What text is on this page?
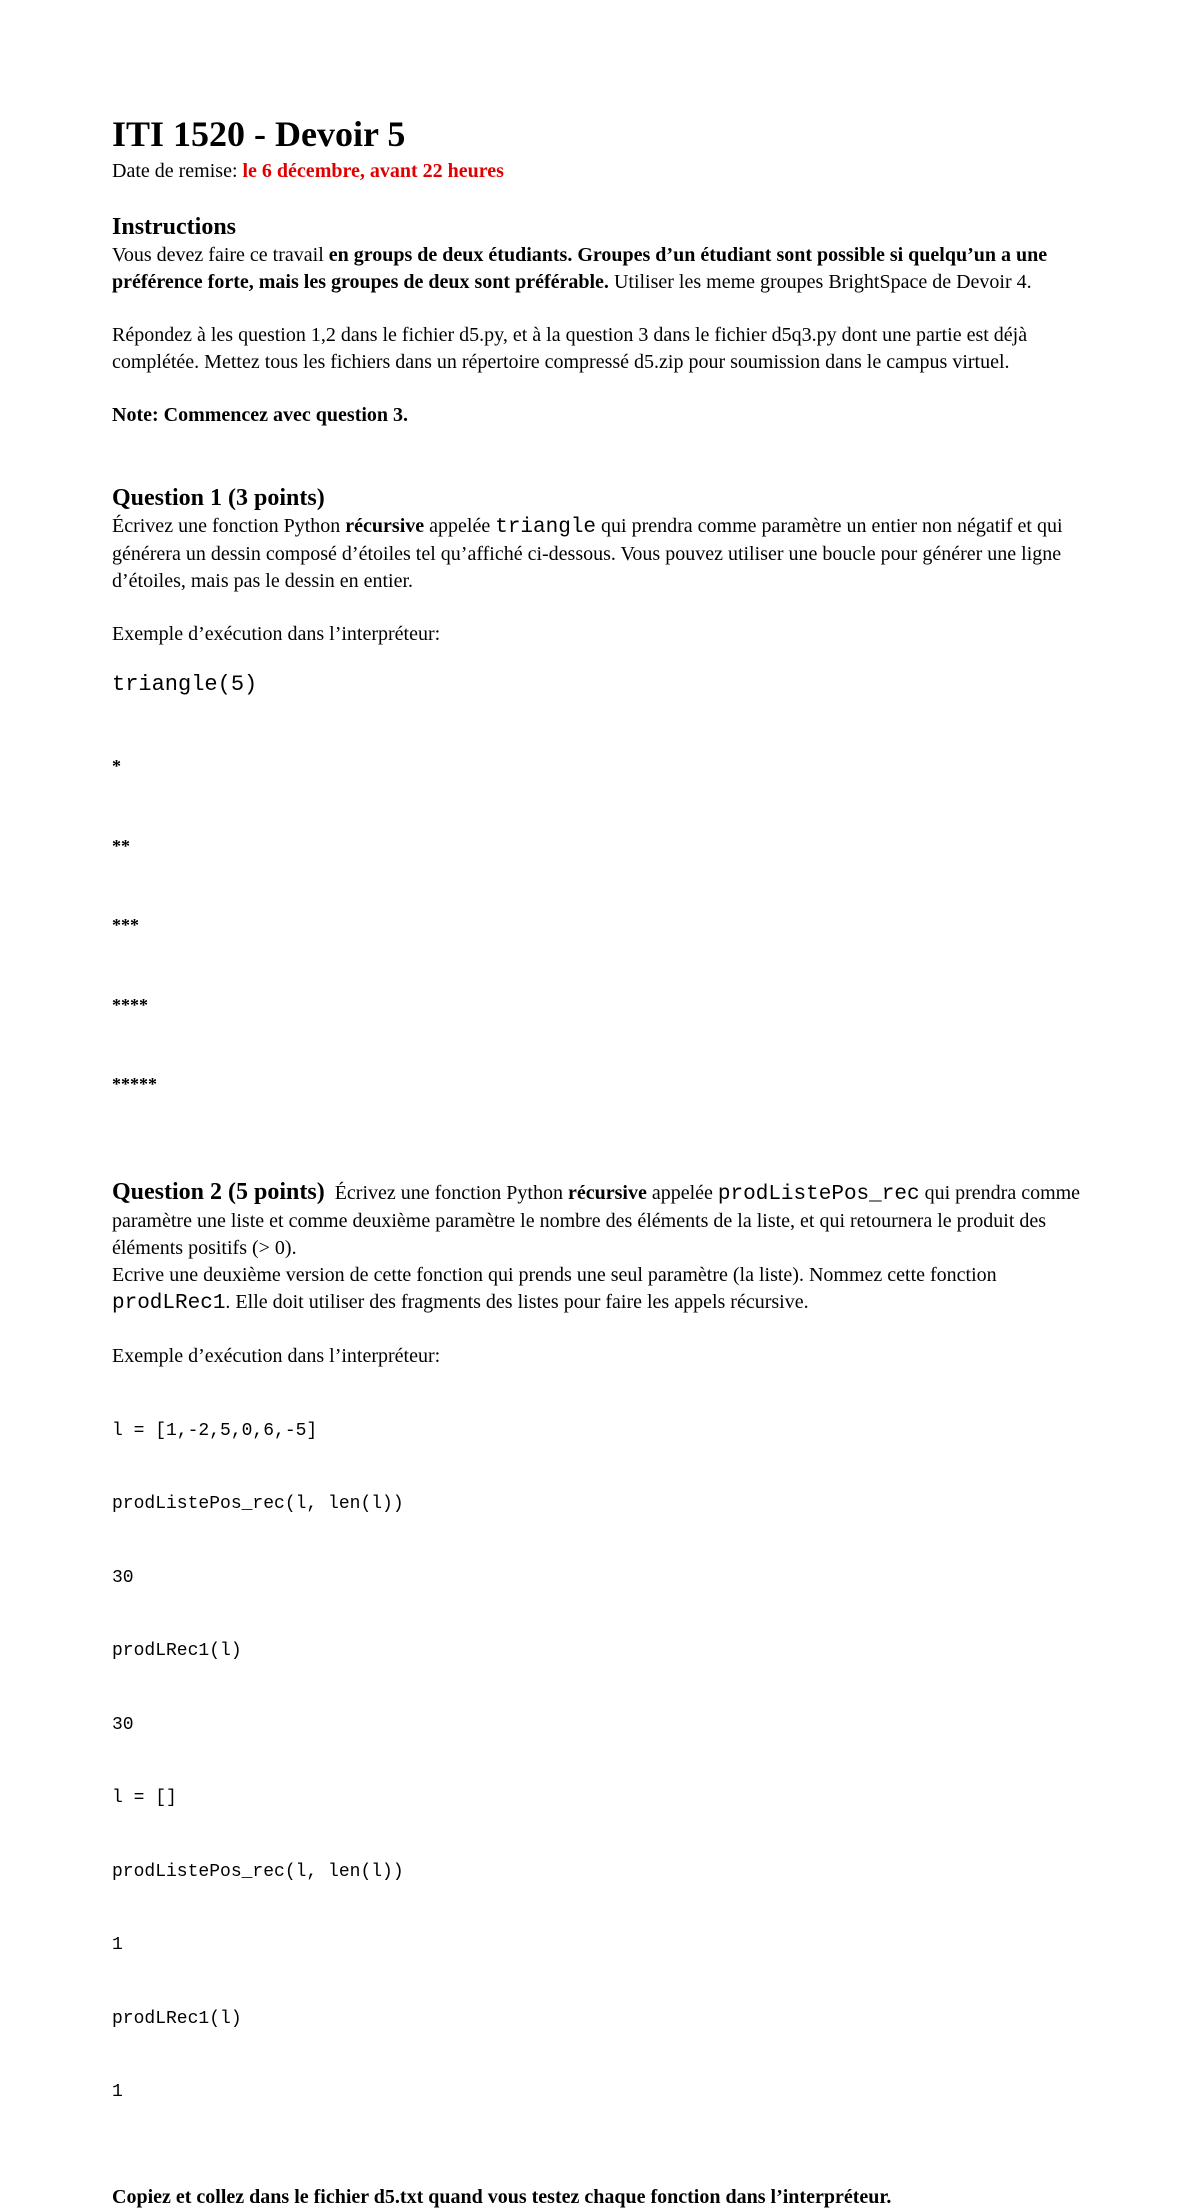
ITI 1520 - Devoir 5
Date de remise: le 6 décembre, avant 22 heures
Instructions

Vous devez faire ce travail en groups de deux étudiants. Groupes d’un étudiant sont possible si quelqu’un a une préférence forte, mais les groupes de deux sont préférable. Utiliser les meme groupes BrightSpace de Devoir 4.

Répondez à les question 1,2 dans le fichier d5.py, et à la question 3 dans le fichier d5q3.py dont une partie est déjà complétée. Mettez tous les fichiers dans un répertoire compressé d5.zip pour soumission dans le campus virtuel.

Note: Commencez avec question 3.

Question 1 (3 points)

Écrivez une fonction Python récursive appelée triangle qui prendra comme paramètre un entier non négatif et qui générera un dessin composé d’étoiles tel qu’affiché ci-dessous. Vous pouvez utiliser une boucle pour générer une ligne d’étoiles, mais pas le dessin en entier.

Exemple d’exécution dans l’interpréteur:

triangle(5)

*

**

***

****

*****

Question 2 (5 points) Écrivez une fonction Python récursive appelée prodListePos_rec qui prendra comme paramètre une liste et comme deuxième paramètre le nombre des éléments de la liste, et qui retournera le produit des éléments positifs (> 0).

Ecrive une deuxième version de cette fonction qui prends une seul paramètre (la liste). Nommez cette fonction prodLRec1. Elle doit utiliser des fragments des listes pour faire les appels récursive.

Exemple d’exécution dans l’interpréteur:

l = [1,-2,5,0,6,-5]

prodListePos_rec(l, len(l))

30

prodLRec1(l)

30

l = []

prodListePos_rec(l, len(l))

1

prodLRec1(l)

1

Copiez et collez dans le fichier d5.txt quand vous testez chaque fonction dans l’interpréteur.
